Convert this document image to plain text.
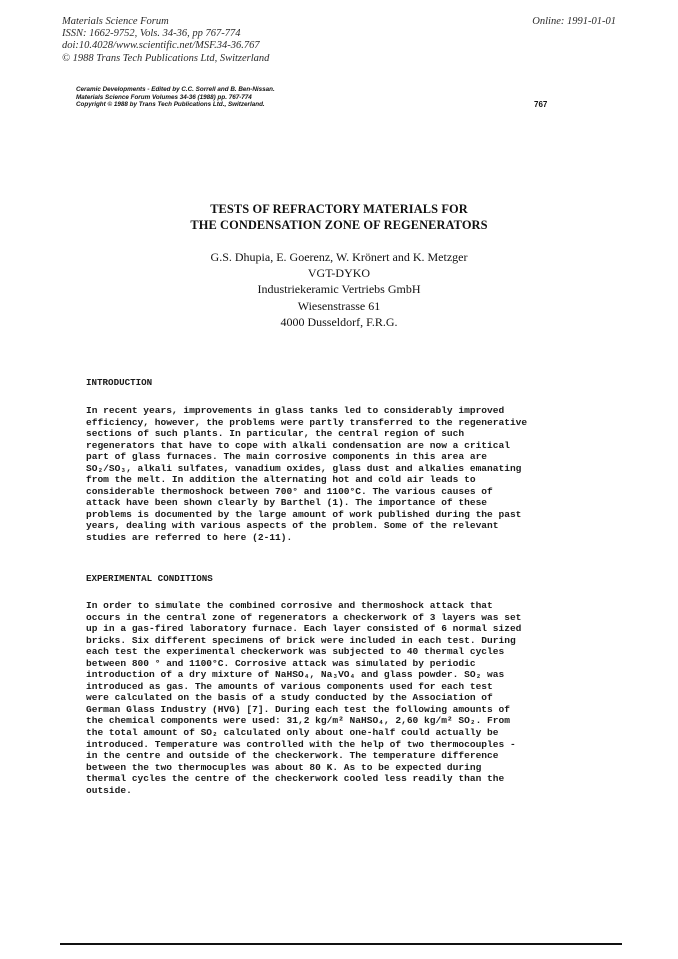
Materials Science Forum
ISSN: 1662-9752, Vols. 34-36, pp 767-774
doi:10.4028/www.scientific.net/MSF.34-36.767
© 1988 Trans Tech Publications Ltd, Switzerland
Online: 1991-01-01
Ceramic Developments - Edited by C.C. Sorrell and B. Ben-Nissan.
Materials Science Forum Volumes 34-36 (1988) pp. 767-774
Copyright © 1988 by Trans Tech Publications Ltd., Switzerland.	767
TESTS OF REFRACTORY MATERIALS FOR
THE CONDENSATION ZONE OF REGENERATORS
G.S. Dhupia, E. Goerenz, W. Krönert and K. Metzger
VGT-DYKO
Industriekeramic Vertriebs GmbH
Wiesenstrasse 61
4000 Dusseldorf, F.R.G.
INTRODUCTION
In recent years, improvements in glass tanks led to considerably improved
efficiency, however, the problems were partly transferred to the regenerative
sections of such plants. In particular, the central region of such
regenerators that have to cope with alkali condensation are now a critical
part of glass furnaces. The main corrosive components in this area are
SO₂/SO₃, alkali sulfates, vanadium oxides, glass dust and alkalies emanating
from the melt. In addition the alternating hot and cold air leads to
considerable thermoshock between 700° and 1100°C. The various causes of
attack have been shown clearly by Barthel (1). The importance of these
problems is documented by the large amount of work published during the past
years, dealing with various aspects of the problem. Some of the relevant
studies are referred to here (2-11).
EXPERIMENTAL CONDITIONS
In order to simulate the combined corrosive and thermoshock attack that
occurs in the central zone of regenerators a checkerwork of 3 layers was set
up in a gas-fired laboratory furnace. Each layer consisted of 6 normal sized
bricks. Six different specimens of brick were included in each test. During
each test the experimental checkerwork was subjected to 40 thermal cycles
between 800 ° and 1100°C. Corrosive attack was simulated by periodic
introduction of a dry mixture of NaHSO₄, Na₃VO₄ and glass powder. SO₂ was
introduced as gas. The amounts of various components used for each test
were calculated on the basis of a study conducted by the Association of
German Glass Industry (HVG) [7]. During each test the following amounts of
the chemical components were used: 31,2 kg/m² NaHSO₄, 2,60 kg/m² SO₂. From
the total amount of SO₂ calculated only about one-half could actually be
introduced. Temperature was controlled with the help of two thermocouples -
in the centre and outside of the checkerwork. The temperature difference
between the two thermocuples was about 80 K. As to be expected during
thermal cycles the centre of the checkerwork cooled less readily than the
outside.
